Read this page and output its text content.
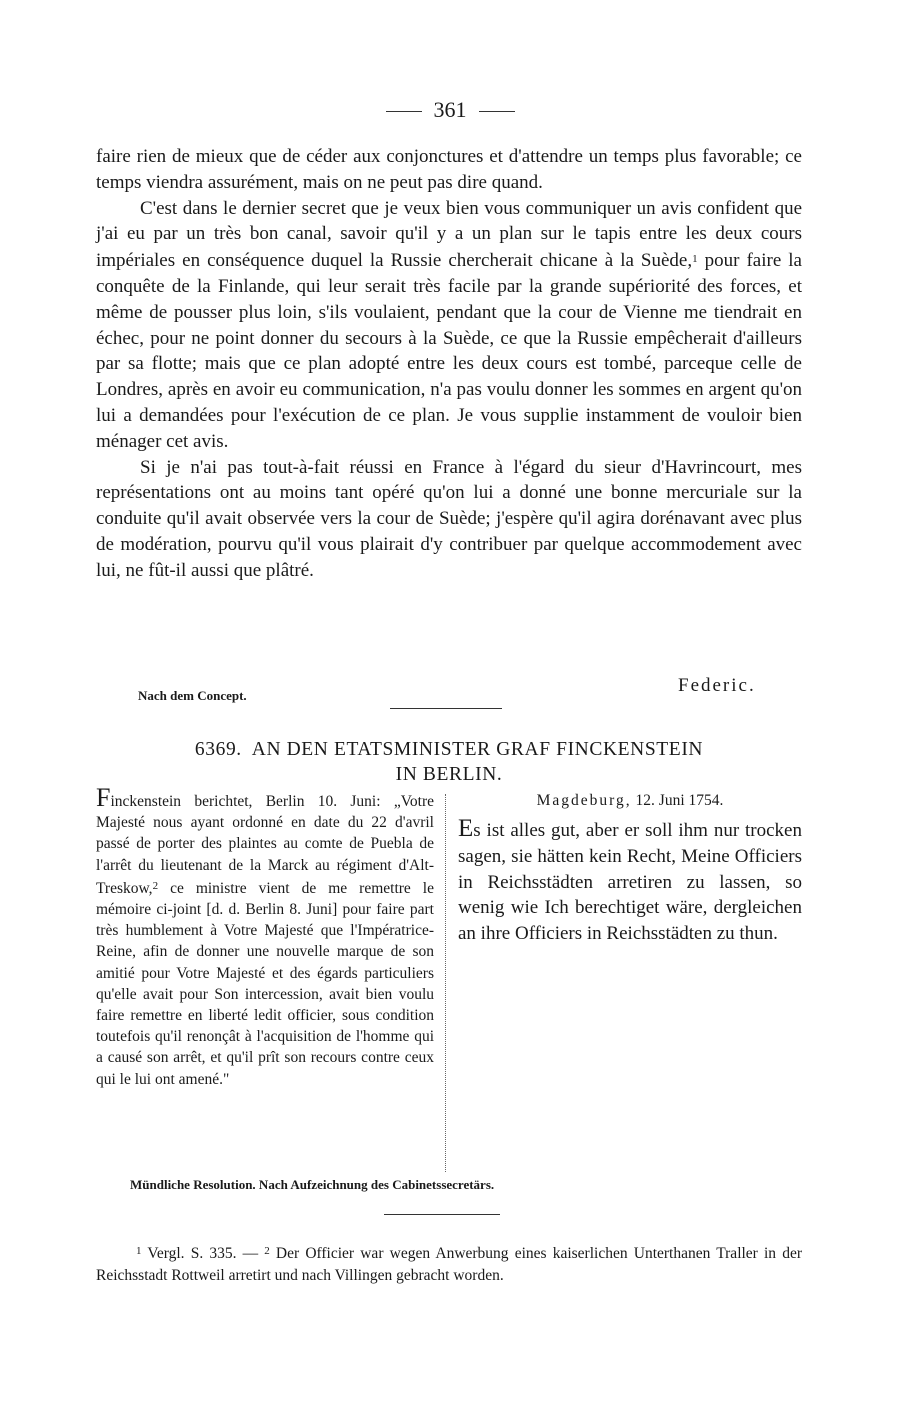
361

faire rien de mieux que de céder aux conjonctures et d'attendre un temps plus favorable; ce temps viendra assurément, mais on ne peut pas dire quand.

C'est dans le dernier secret que je veux bien vous communiquer un avis confident que j'ai eu par un très bon canal, savoir qu'il y a un plan sur le tapis entre les deux cours impériales en conséquence duquel la Russie chercherait chicane à la Suède,$^1$ pour faire la conquête de la Finlande, qui leur serait très facile par la grande supériorité des forces, et même de pousser plus loin, s'ils voulaient, pendant que la cour de Vienne me tiendrait en échec, pour ne point donner du secours à la Suède, ce que la Russie empêcherait d'ailleurs par sa flotte; mais que ce plan adopté entre les deux cours est tombé, parceque celle de Londres, après en avoir eu communication, n'a pas voulu donner les sommes en argent qu'on lui a demandées pour l'exécution de ce plan. Je vous supplie instamment de vouloir bien ménager cet avis.

Si je n'ai pas tout-à-fait réussi en France à l'égard du sieur d'Havrincourt, mes représentations ont au moins tant opéré qu'on lui a donné une bonne mercuriale sur la conduite qu'il avait observée vers la cour de Suède; j'espère qu'il agira dorénavant avec plus de modération, pourvu qu'il vous plairait d'y contribuer par quelque accommodement avec lui, ne fût-il aussi que plâtré.

Federic.
Nach dem Concept.
6369. AN DEN ETATSMINISTER GRAF FINCKENSTEIN
IN BERLIN.
Finckenstein berichtet, Berlin 10. Juni: „Votre Majesté nous ayant ordonné en date du 22 d'avril passé de porter des plaintes au comte de Puebla de l'arrêt du lieutenant de la Marck au régiment d'Alt-Treskow,$^2$ ce ministre vient de me remettre le mémoire ci-joint [d. d. Berlin 8. Juni] pour faire part très humblement à Votre Majesté que l'Impératrice-Reine, afin de donner une nouvelle marque de son amitié pour Votre Majesté et des égards particuliers qu'elle avait pour Son intercession, avait bien voulu faire remettre en liberté ledit officier, sous condition toutefois qu'il renonçât à l'acquisition de l'homme qui a causé son arrêt, et qu'il prît son recours contre ceux qui le lui ont amené."
Magdeburg, 12. Juni 1754.

Es ist alles gut, aber er soll ihm nur trocken sagen, sie hätten kein Recht, Meine Officiers in Reichsstädten arretiren zu lassen, so wenig wie Ich berechtiget wäre, dergleichen an ihre Officiers in Reichsstädten zu thun.

Mündliche Resolution. Nach Aufzeichnung des Cabinetssecretärs.

$^1$ Vergl. S. 335. — $^2$ Der Officier war wegen Anwerbung eines kaiserlichen Unterthanen Traller in der Reichsstadt Rottweil arretirt und nach Villingen gebracht worden.
